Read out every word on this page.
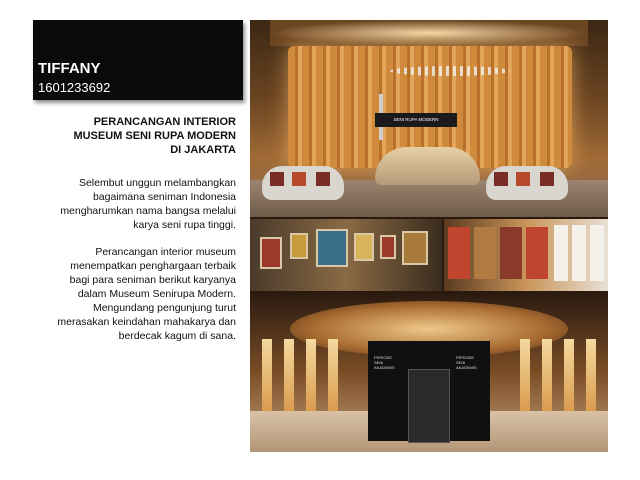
TIFFANY
1601233692
PERANCANGAN INTERIOR
MUSEUM SENI RUPA MODERN
DI JAKARTA
Selembut unggun melambangkan
bagaimana seniman Indonesia
mengharumkan nama bangsa melalui
karya seni rupa tinggi.
Perancangan interior museum
menempatkan penghargaan terbaik
bagi para seniman berikut karyanya
dalam Museum Senirupa Modern.
Mengundang pengunjung turut
merasakan keindahan mahakarya dan
berdecak kagum di sana.
SENI RUPA MODERN
PERIODE SENI AKADEMIS
PERIODE SENI AKADEMIS
